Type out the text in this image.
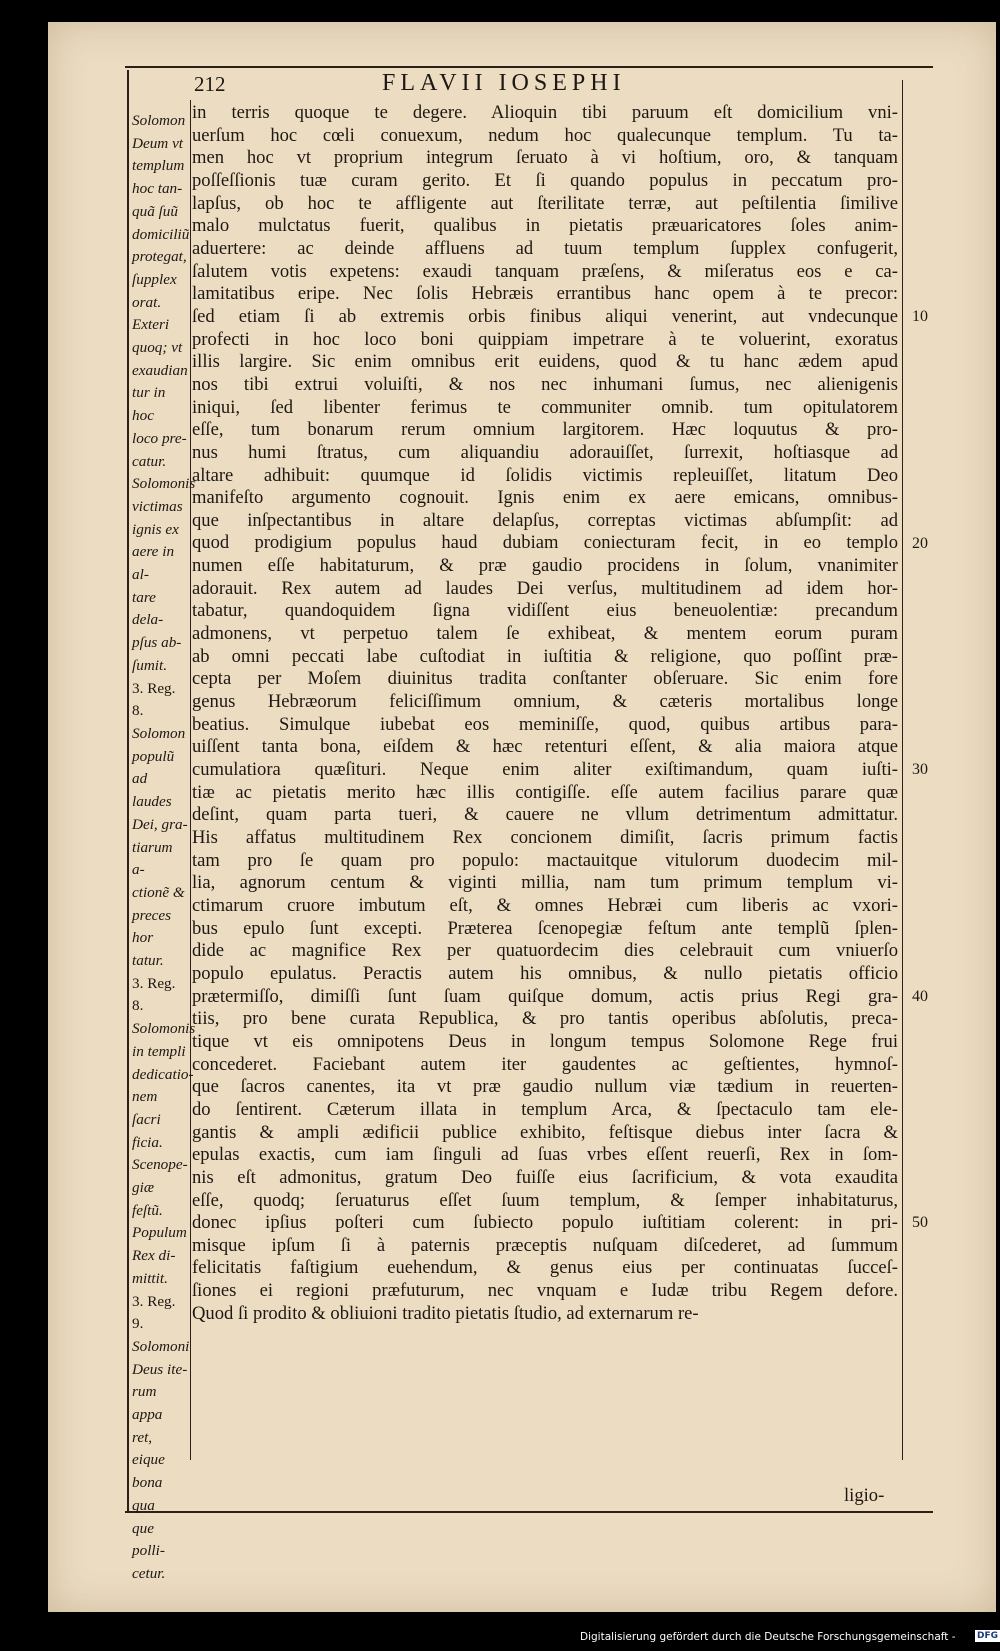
212	FLAVII IOSEPHI
Solomon
Deum vt
templum
hoc tan-
quã ſuũ
domiciliũ
protegat,
ſupplex
orat.
Exteri
quoq; vt
exaudian
tur in hoc
loco pre-
catur.
Solomonis
victimas
ignis ex
aere in al-
tare dela-
pſus ab-
ſumit.
3. Reg. 8.
Solomon
populũ ad
laudes
Dei, gra-
tiarum a-
ctionẽ &
preces hor
tatur.
3. Reg. 8.
Solomonis
in templi
dedicatio-
nem ſacri
ficia.
Scenope-
giæ feſtũ.
Populum
Rex di-
mittit.
3. Reg. 9.
Solomoni
Deus ite-
rum appa
ret, eique
bona qua
que polli-
cetur.
in terris quoque te degere. Alioquin tibi paruum eſt domicilium vni-
uerſum hoc cœli conuexum, nedum hoc qualecunque templum. Tu ta-
men hoc vt proprium integrum ſeruato à vi hoſtium, oro, & tanquam
poſſeſſionis tuæ curam gerito. Et ſi quando populus in peccatum pro-
lapſus, ob hoc te affligente aut ſterilitate terræ, aut peſtilentia ſimilive
malo mulctatus fuerit, qualibus in pietatis præuaricatores ſoles anim-
aduertere: ac deinde affluens ad tuum templum ſupplex confugerit,
ſalutem votis expetens: exaudi tanquam præſens, & miſeratus eos e ca-
lamitatibus eripe. Nec ſolis Hebræis errantibus hanc opem à te precor:
ſed etiam ſi ab extremis orbis finibus aliqui venerint, aut vndecunque
profecti in hoc loco boni quippiam impetrare à te voluerint, exoratus
illis largire. Sic enim omnibus erit euidens, quod & tu hanc ædem apud
nos tibi extrui voluiſti, & nos nec inhumani ſumus, nec alienigenis
iniqui, ſed libenter ferimus te communiter omnib. tum opitulatorem
eſſe, tum bonarum rerum omnium largitorem. Hæc loquutus & pro-
nus humi ſtratus, cum aliquandiu adorauiſſet, ſurrexit, hoſtiasque ad
altare adhibuit: quumque id ſolidis victimis repleuiſſet, litatum Deo
manifeſto argumento cognouit. Ignis enim ex aere emicans, omnibus-
que inſpectantibus in altare delapſus, correptas victimas abſumpſit: ad
quod prodigium populus haud dubiam coniecturam fecit, in eo templo
numen eſſe habitaturum, & præ gaudio procidens in ſolum, vnanimiter
adorauit. Rex autem ad laudes Dei verſus, multitudinem ad idem hor-
tabatur, quandoquidem ſigna vidiſſent eius beneuolentiæ: precandum
admonens, vt perpetuo talem ſe exhibeat, & mentem eorum puram
ab omni peccati labe cuſtodiat in iuſtitia & religione, quo poſſint præ-
cepta per Moſem diuinitus tradita conſtanter obſeruare. Sic enim fore
genus Hebræorum feliciſſimum omnium, & cæteris mortalibus longe
beatius. Simulque iubebat eos meminiſſe, quod, quibus artibus para-
uiſſent tanta bona, eiſdem & hæc retenturi eſſent, & alia maiora atque
cumulatiora quæſituri. Neque enim aliter exiſtimandum, quam iuſti-
tiæ ac pietatis merito hæc illis contigiſſe. eſſe autem facilius parare quæ
deſint, quam parta tueri, & cauere ne vllum detrimentum admittatur.
His affatus multitudinem Rex concionem dimiſit, ſacris primum factis
tam pro ſe quam pro populo: mactauitque vitulorum duodecim mil-
lia, agnorum centum & viginti millia, nam tum primum templum vi-
ctimarum cruore imbutum eſt, & omnes Hebræi cum liberis ac vxori-
bus epulo ſunt excepti. Præterea ſcenopegiæ feſtum ante templũ ſplen-
dide ac magnifice Rex per quatuordecim dies celebrauit cum vniuerſo
populo epulatus. Peractis autem his omnibus, & nullo pietatis officio
prætermiſſo, dimiſſi ſunt ſuam quiſque domum, actis prius Regi gra-
tiis, pro bene curata Republica, & pro tantis operibus abſolutis, preca-
tique vt eis omnipotens Deus in longum tempus Solomone Rege frui
concederet. Faciebant autem iter gaudentes ac geſtientes, hymnoſ-
que ſacros canentes, ita vt præ gaudio nullum viæ tædium in reuerten-
do ſentirent. Cæterum illata in templum Arca, & ſpectaculo tam ele-
gantis & ampli ædificii publice exhibito, feſtisque diebus inter ſacra &
epulas exactis, cum iam ſinguli ad ſuas vrbes eſſent reuerſi, Rex in ſom-
nis eſt admonitus, gratum Deo fuiſſe eius ſacrificium, & vota exaudita
eſſe, quodq; ſeruaturus eſſet ſuum templum, & ſemper inhabitaturus,
donec ipſius poſteri cum ſubiecto populo iuſtitiam colerent: in pri-
misque ipſum ſi à paternis præceptis nuſquam diſcederet, ad ſummum
felicitatis faſtigium euehendum, & genus eius per continuatas ſucceſ-
ſiones ei regioni præfuturum, nec vnquam e Iudæ tribu Regem defore.
Quod ſi prodito & obliuioni tradito pietatis ſtudio, ad externarum re-
10
20
30
40
50
ligio-
Digitalisierung gefördert durch die Deutsche Forschungsgemeinschaft - DFG
